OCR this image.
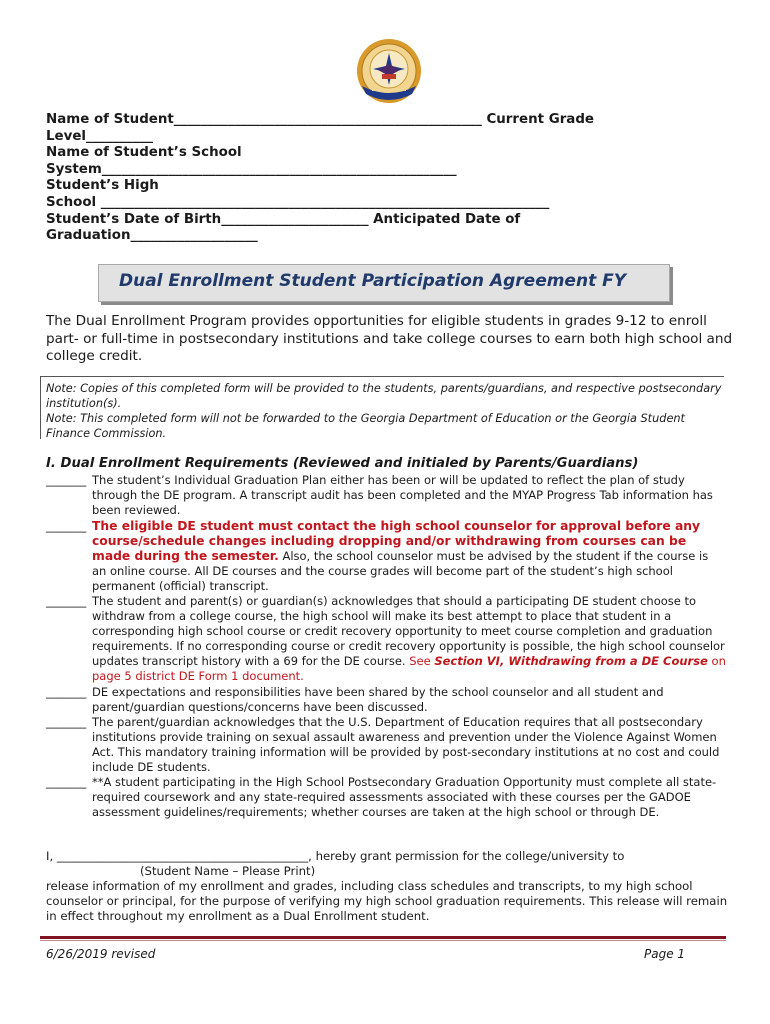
Name of Student______________________________________________ Current Grade
Level__________
Name of Student’s School
System_____________________________________________________
Student’s High
School ___________________________________________________________________
Student’s Date of Birth______________________ Anticipated Date of
Graduation___________________
Dual Enrollment Student Participation Agreement FY
The Dual Enrollment Program provides opportunities for eligible students in grades 9-12 to enroll part- or full-time in postsecondary institutions and take college courses to earn both high school and college credit.
Note: Copies of this completed form will be provided to the students, parents/guardians, and respective postsecondary institution(s).
Note: This completed form will not be forwarded to the Georgia Department of Education or the Georgia Student Finance Commission.
I. Dual Enrollment Requirements (Reviewed and initialed by Parents/Guardians)
_______ The student’s Individual Graduation Plan either has been or will be updated to reflect the plan of study through the DE program. A transcript audit has been completed and the MYAP Progress Tab information has been reviewed.
_______ The eligible DE student must contact the high school counselor for approval before any course/schedule changes including dropping and/or withdrawing from courses can be made during the semester. Also, the school counselor must be advised by the student if the course is an online course. All DE courses and the course grades will become part of the student’s high school permanent (official) transcript.
_______ The student and parent(s) or guardian(s) acknowledges that should a participating DE student choose to withdraw from a college course, the high school will make its best attempt to place that student in a corresponding high school course or credit recovery opportunity to meet course completion and graduation requirements. If no corresponding course or credit recovery opportunity is possible, the high school counselor updates transcript history with a 69 for the DE course. See Section VI, Withdrawing from a DE Course on page 5 district DE Form 1 document.
_______ DE expectations and responsibilities have been shared by the school counselor and all student and parent/guardian questions/concerns have been discussed.
_______ The parent/guardian acknowledges that the U.S. Department of Education requires that all postsecondary institutions provide training on sexual assault awareness and prevention under the Violence Against Women Act. This mandatory training information will be provided by post-secondary institutions at no cost and could include DE students.
_______ **A student participating in the High School Postsecondary Graduation Opportunity must complete all state-required coursework and any state-required assessments associated with these courses per the GADOE assessment guidelines/requirements; whether courses are taken at the high school or through DE.
I, ___________________________________________, hereby grant permission for the college/university to
(Student Name – Please Print)
release information of my enrollment and grades, including class schedules and transcripts, to my high school counselor or principal, for the purpose of verifying my high school graduation requirements. This release will remain in effect throughout my enrollment as a Dual Enrollment student.
6/26/2019 revised	Page 1
